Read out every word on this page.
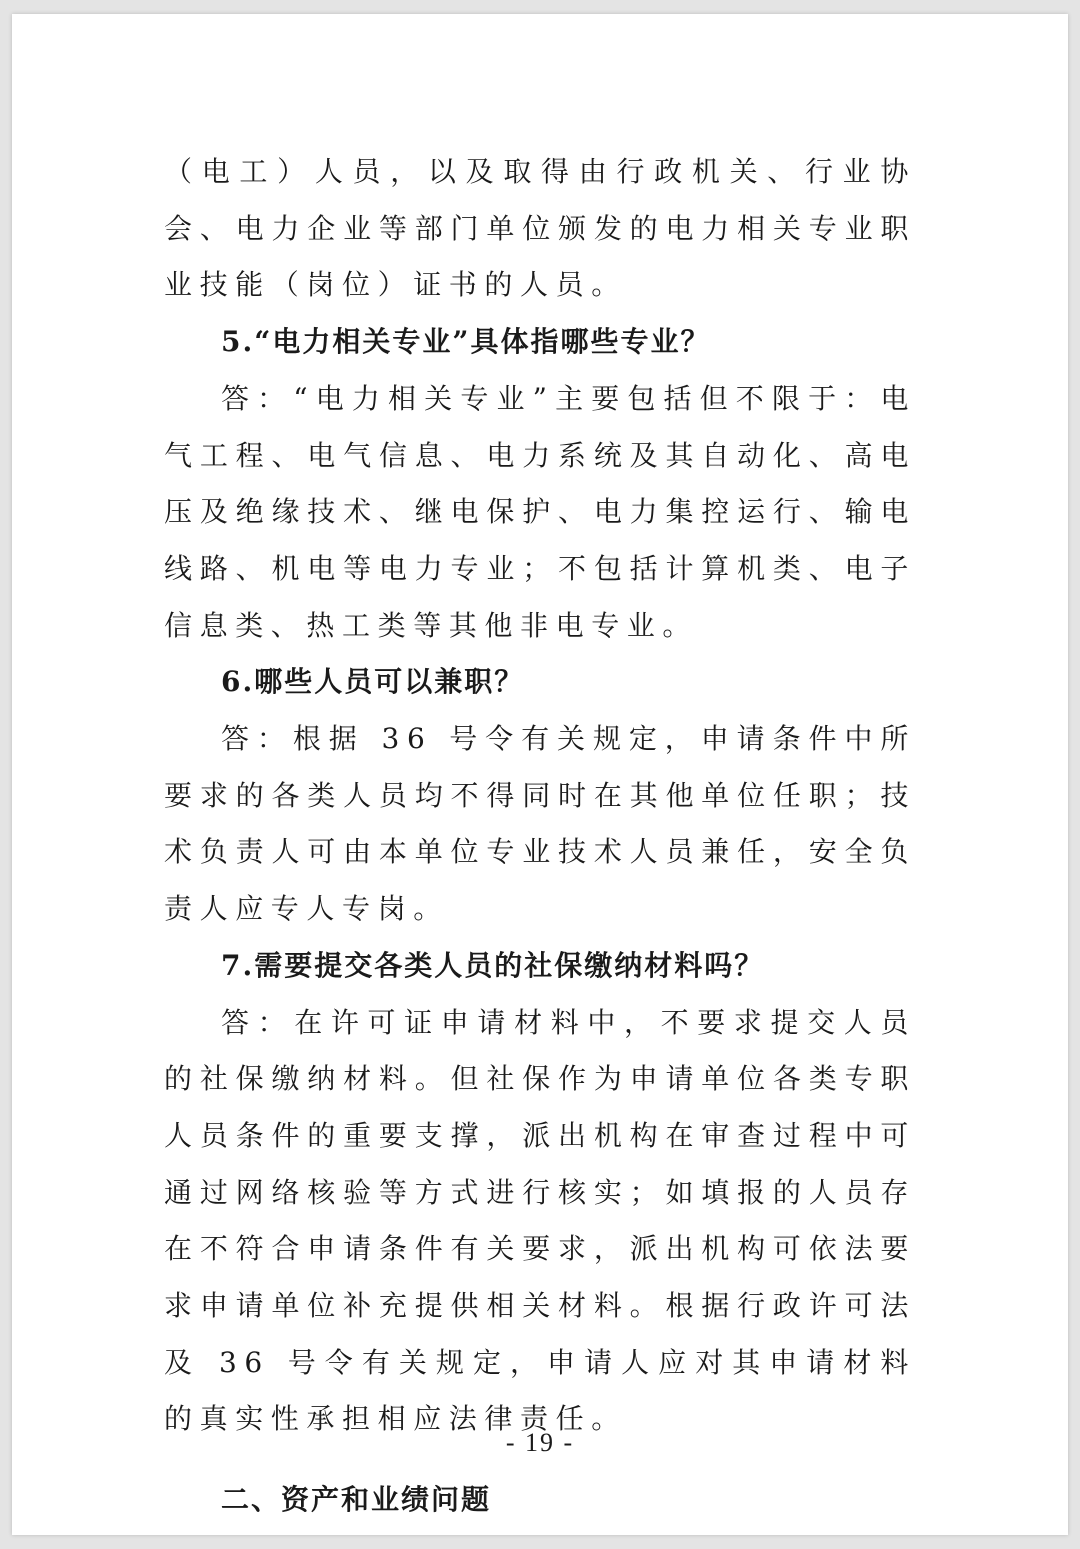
（电工）人员，以及取得由行政机关、行业协会、电力企业等部门单位颁发的电力相关专业职业技能（岗位）证书的人员。

5.“电力相关专业”具体指哪些专业？

答：“电力相关专业”主要包括但不限于：电气工程、电气信息、电力系统及其自动化、高电压及绝缘技术、继电保护、电力集控运行、输电线路、机电等电力专业；不包括计算机类、电子信息类、热工类等其他非电专业。

6.哪些人员可以兼职？

答：根据 36 号令有关规定，申请条件中所要求的各类人员均不得同时在其他单位任职；技术负责人可由本单位专业技术人员兼任，安全负责人应专人专岗。

7.需要提交各类人员的社保缴纳材料吗？

答：在许可证申请材料中，不要求提交人员的社保缴纳材料。但社保作为申请单位各类专职人员条件的重要支撑，派出机构在审查过程中可通过网络核验等方式进行核实；如填报的人员存在不符合申请条件有关要求，派出机构可依法要求申请单位补充提供相关材料。根据行政许可法及 36 号令有关规定，申请人应对其申请材料的真实性承担相应法律责任。

二、资产和业绩问题

- 19 -
